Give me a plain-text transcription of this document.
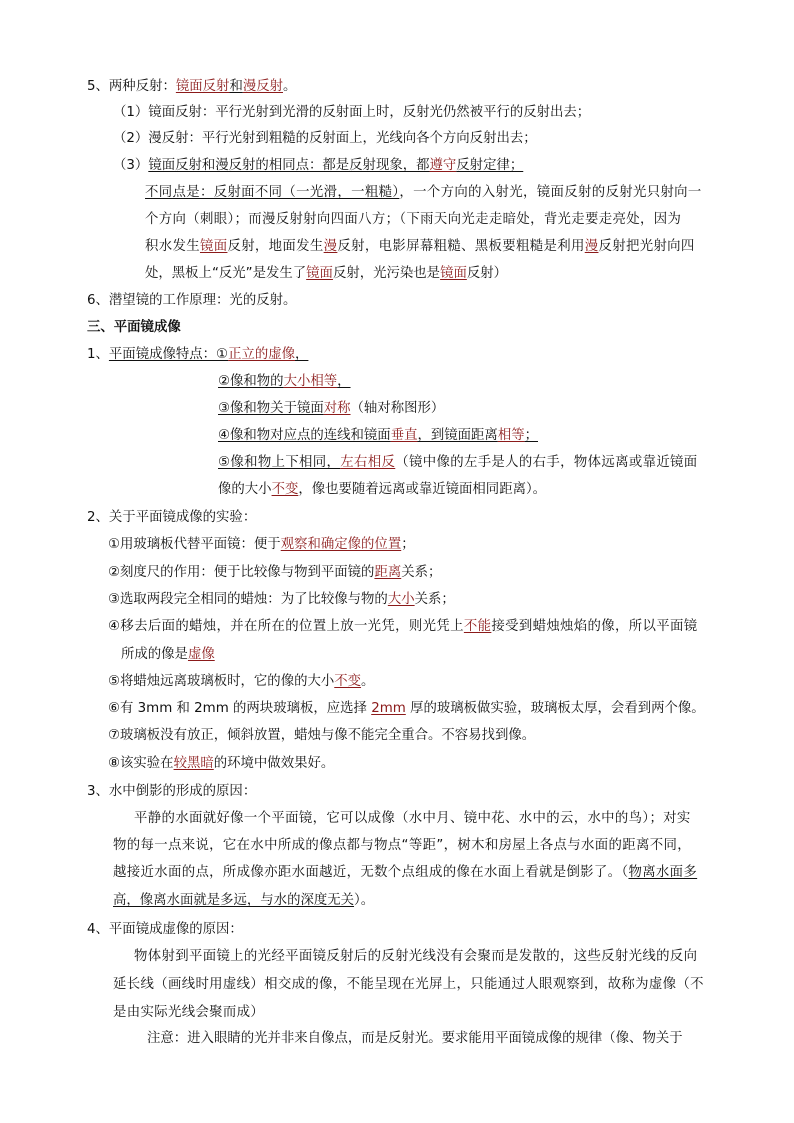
5、两种反射：镜面反射和漫反射。
（1）镜面反射：平行光射到光滑的反射面上时，反射光仍然被平行的反射出去；
（2）漫反射：平行光射到粗糙的反射面上，光线向各个方向反射出去；
（3）镜面反射和漫反射的相同点：都是反射现象，都遵守反射定律；
不同点是：反射面不同（一光滑，一粗糙），一个方向的入射光，镜面反射的反射光只射向一
个方向（刺眼）；而漫反射射向四面八方；（下雨天向光走走暗处，背光走要走亮处，因为
积水发生镜面反射，地面发生漫反射，电影屏幕粗糙、黑板要粗糙是利用漫反射把光射向四
处，黑板上“反光”是发生了镜面反射，光污染也是镜面反射）
6、潜望镜的工作原理：光的反射。
三、平面镜成像
1、平面镜成像特点：①正立的虚像，
②像和物的大小相等，
③像和物关于镜面对称（轴对称图形）
④像和物对应点的连线和镜面垂直，到镜面距离相等；
⑤像和物上下相同，左右相反（镜中像的左手是人的右手，物体远离或靠近镜面
像的大小不变，像也要随着远离或靠近镜面相同距离）。
2、关于平面镜成像的实验：
①用玻璃板代替平面镜：便于观察和确定像的位置；
②刻度尺的作用：便于比较像与物到平面镜的距离关系；
③选取两段完全相同的蜡烛：为了比较像与物的大小关系；
④移去后面的蜡烛，并在所在的位置上放一光凭，则光凭上不能接受到蜡烛烛焰的像，所以平面镜
所成的像是虚像
⑤将蜡烛远离玻璃板时，它的像的大小不变。
⑥有 3mm 和 2mm 的两块玻璃板，应选择 2mm 厚的玻璃板做实验，玻璃板太厚，会看到两个像。
⑦玻璃板没有放正，倾斜放置，蜡烛与像不能完全重合。不容易找到像。
⑧该实验在较黑暗的环境中做效果好。
3、水中倒影的形成的原因：
平静的水面就好像一个平面镜，它可以成像（水中月、镜中花、水中的云，水中的鸟）；对实
物的每一点来说，它在水中所成的像点都与物点“等距”，树木和房屋上各点与水面的距离不同，
越接近水面的点，所成像亦距水面越近，无数个点组成的像在水面上看就是倒影了。（物离水面多
高，像离水面就是多远，与水的深度无关）。
4、平面镜成虚像的原因：
物体射到平面镜上的光经平面镜反射后的反射光线没有会聚而是发散的，这些反射光线的反向
延长线（画线时用虚线）相交成的像，不能呈现在光屏上，只能通过人眼观察到，故称为虚像（不
是由实际光线会聚而成）
注意：进入眼睛的光并非来自像点，而是反射光。要求能用平面镜成像的规律（像、物关于
